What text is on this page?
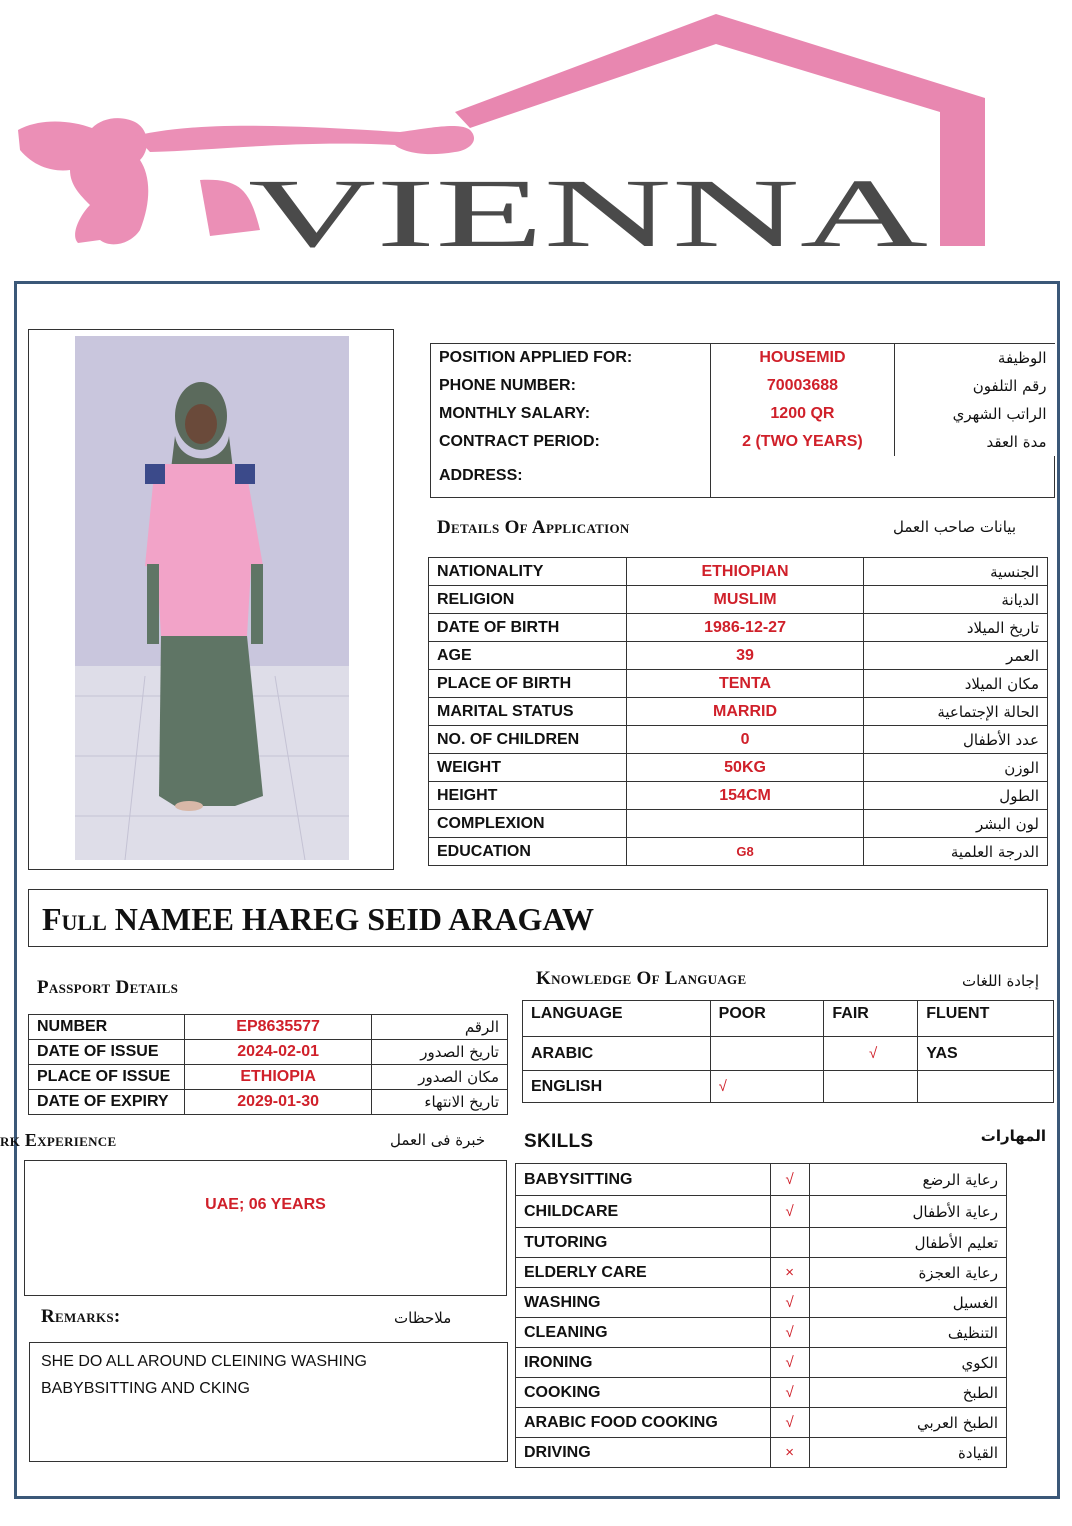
VIENNA
POSITION APPLIED FOR:	HOUSEMID	الوظيفة
PHONE NUMBER:	70003688	رقم التلفون
MONTHLY SALARY:	1200 QR	الراتب الشهري
CONTRACT PERIOD:	2 (TWO YEARS)	مدة العقد
ADDRESS:		
Details Of Application	بيانات صاحب العمل
NATIONALITY	ETHIOPIAN	الجنسية
RELIGION	MUSLIM	الديانة
DATE OF BIRTH	1986-12-27	تاريخ الميلاد
AGE	39	العمر
PLACE OF BIRTH	TENTA	مكان الميلاد
MARITAL STATUS	MARRID	الحالة الإجتماعية
NO. OF CHILDREN	0	عدد الأطفال
WEIGHT	50KG	الوزن
HEIGHT	154CM	الطول
COMPLEXION		لون البشر
EDUCATION	G8	الدرجة العلمية
Full NAMEE HAREG SEID ARAGAW
Passport Details
NUMBER	EP8635577	الرقم
DATE OF ISSUE	2024-02-01	تاريخ الصدور
PLACE OF ISSUE	ETHIOPIA	مكان الصدور
DATE OF EXPIRY	2029-01-30	تاريخ الانتهاء
Knowledge Of Language	إجادة اللغات
LANGUAGE	POOR	FAIR	FLUENT
ARABIC		√	YAS
ENGLISH	√		
rk Experience	خبرة فى العمل
UAE; 06 YEARS
Remarks:	ملاحظات
SHE DO ALL AROUND CLEINING WASHING
BABYBSITTING AND CKING
SKILLS	المهارات
BABYSITTING	√	رعاية الرضع
CHILDCARE	√	رعاية الأطفال
TUTORING		تعليم الأطفال
ELDERLY CARE	×	رعاية العجزة
WASHING	√	الغسيل
CLEANING	√	التنظيف
IRONING	√	الكوي
COOKING	√	الطبخ
ARABIC FOOD COOKING	√	الطبخ العربي
DRIVING	×	القيادة
